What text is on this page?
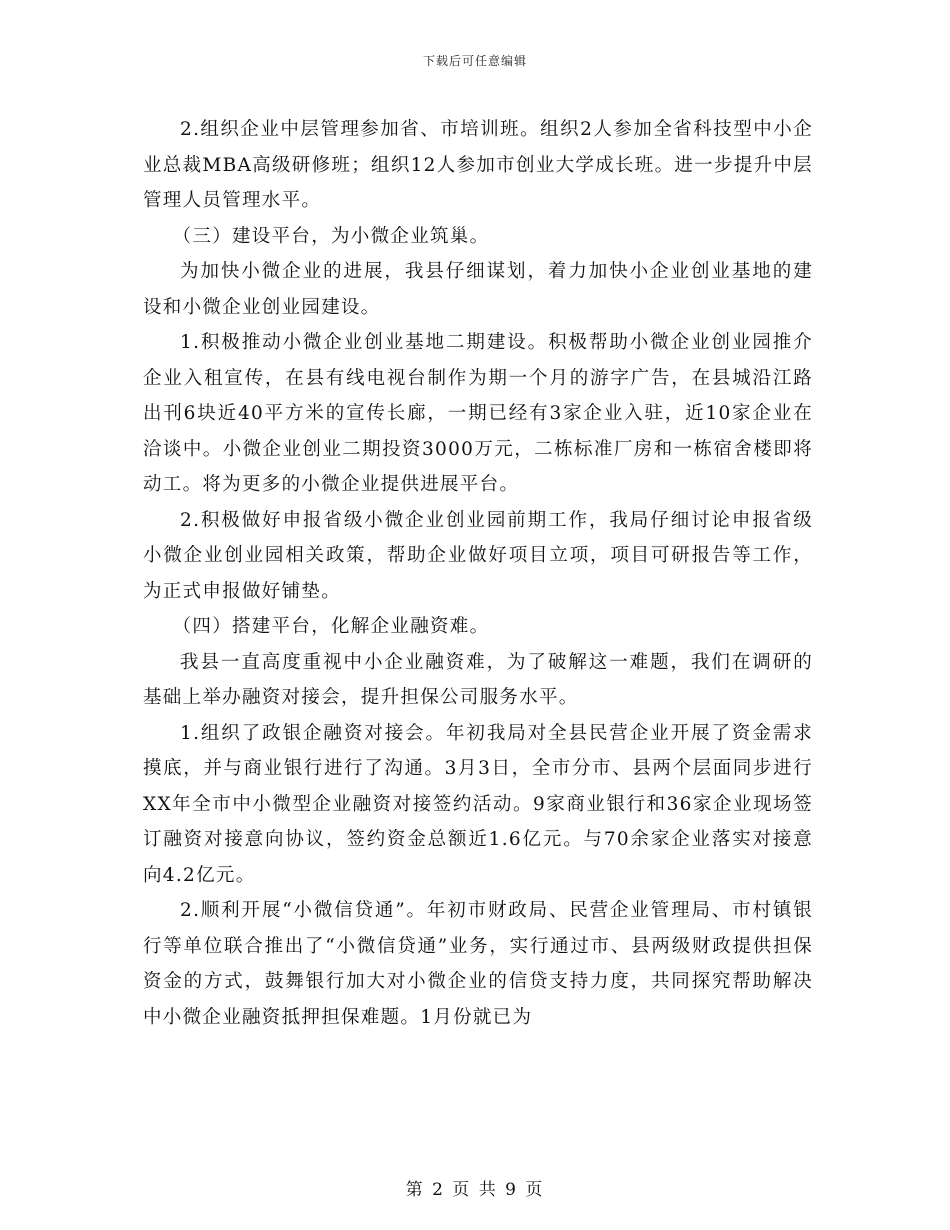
下载后可任意编辑

2.组织企业中层管理参加省、市培训班。组织2人参加全省科技型中小企业总裁MBA高级研修班；组织12人参加市创业大学成长班。进一步提升中层管理人员管理水平。

（三）建设平台，为小微企业筑巢。

为加快小微企业的进展，我县仔细谋划，着力加快小企业创业基地的建设和小微企业创业园建设。

1.积极推动小微企业创业基地二期建设。积极帮助小微企业创业园推介企业入租宣传，在县有线电视台制作为期一个月的游字广告，在县城沿江路出刊6块近40平方米的宣传长廊，一期已经有3家企业入驻，近10家企业在洽谈中。小微企业创业二期投资3000万元，二栋标准厂房和一栋宿舍楼即将动工。将为更多的小微企业提供进展平台。

2.积极做好申报省级小微企业创业园前期工作，我局仔细讨论申报省级小微企业创业园相关政策，帮助企业做好项目立项，项目可研报告等工作，为正式申报做好铺垫。

（四）搭建平台，化解企业融资难。

我县一直高度重视中小企业融资难，为了破解这一难题，我们在调研的基础上举办融资对接会，提升担保公司服务水平。

1.组织了政银企融资对接会。年初我局对全县民营企业开展了资金需求摸底，并与商业银行进行了沟通。3月3日，全市分市、县两个层面同步进行XX年全市中小微型企业融资对接签约活动。9家商业银行和36家企业现场签订融资对接意向协议，签约资金总额近1.6亿元。与70余家企业落实对接意向4.2亿元。

2.顺利开展“小微信贷通”。年初市财政局、民营企业管理局、市村镇银行等单位联合推出了“小微信贷通”业务，实行通过市、县两级财政提供担保资金的方式，鼓舞银行加大对小微企业的信贷支持力度，共同探究帮助解决中小微企业融资抵押担保难题。1月份就已为

第 2 页 共 9 页
